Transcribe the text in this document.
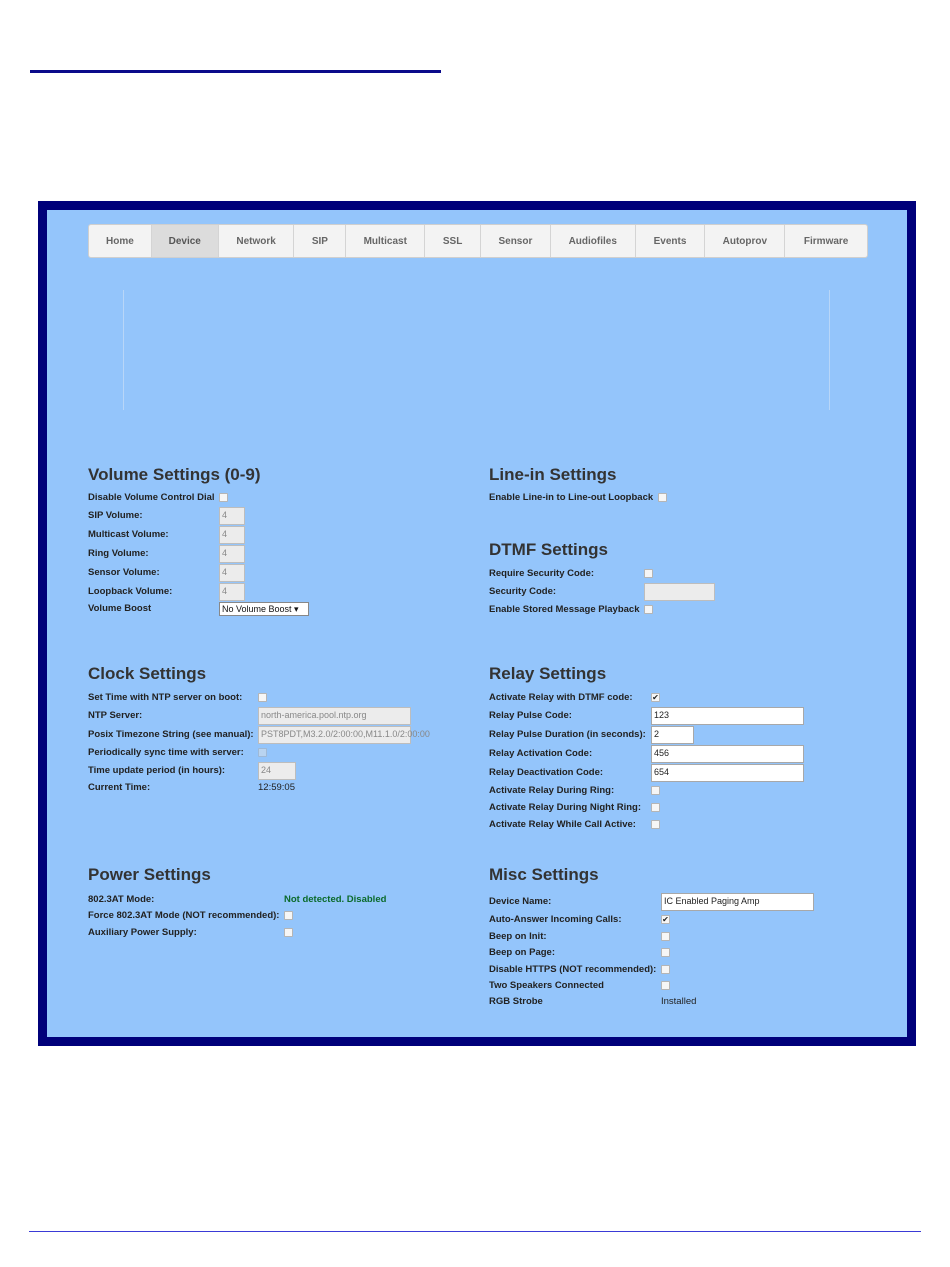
Home	Device	Network	SIP	Multicast	SSL	Sensor	Audiofiles	Events	Autoprov	Firmware
Volume Settings (0-9)
Disable Volume Control Dial
SIP Volume:	4
Multicast Volume:	4
Ring Volume:	4
Sensor Volume:	4
Loopback Volume:	4
Volume Boost	No Volume Boost ▾
Line-in Settings
Enable Line-in to Line-out Loopback
DTMF Settings
Require Security Code:
Security Code:
Enable Stored Message Playback
Clock Settings
Set Time with NTP server on boot:
NTP Server:	north-america.pool.ntp.org
Posix Timezone String (see manual): PST8PDT,M3.2.0/2:00:00,M11.1.0/2:00:00
Periodically sync time with server:
Time update period (in hours):	24
Current Time:	12:59:05
Relay Settings
Activate Relay with DTMF code: ✔
Relay Pulse Code:	123
Relay Pulse Duration (in seconds): 2
Relay Activation Code:	456
Relay Deactivation Code:	654
Activate Relay During Ring:
Activate Relay During Night Ring:
Activate Relay While Call Active:
Power Settings
802.3AT Mode:	Not detected. Disabled
Force 802.3AT Mode (NOT recommended):
Auxiliary Power Supply:
Misc Settings
Device Name:	IC Enabled Paging Amp
Auto-Answer Incoming Calls:	✔
Beep on Init:
Beep on Page:
Disable HTTPS (NOT recommended):
Two Speakers Connected
RGB Strobe	Installed
